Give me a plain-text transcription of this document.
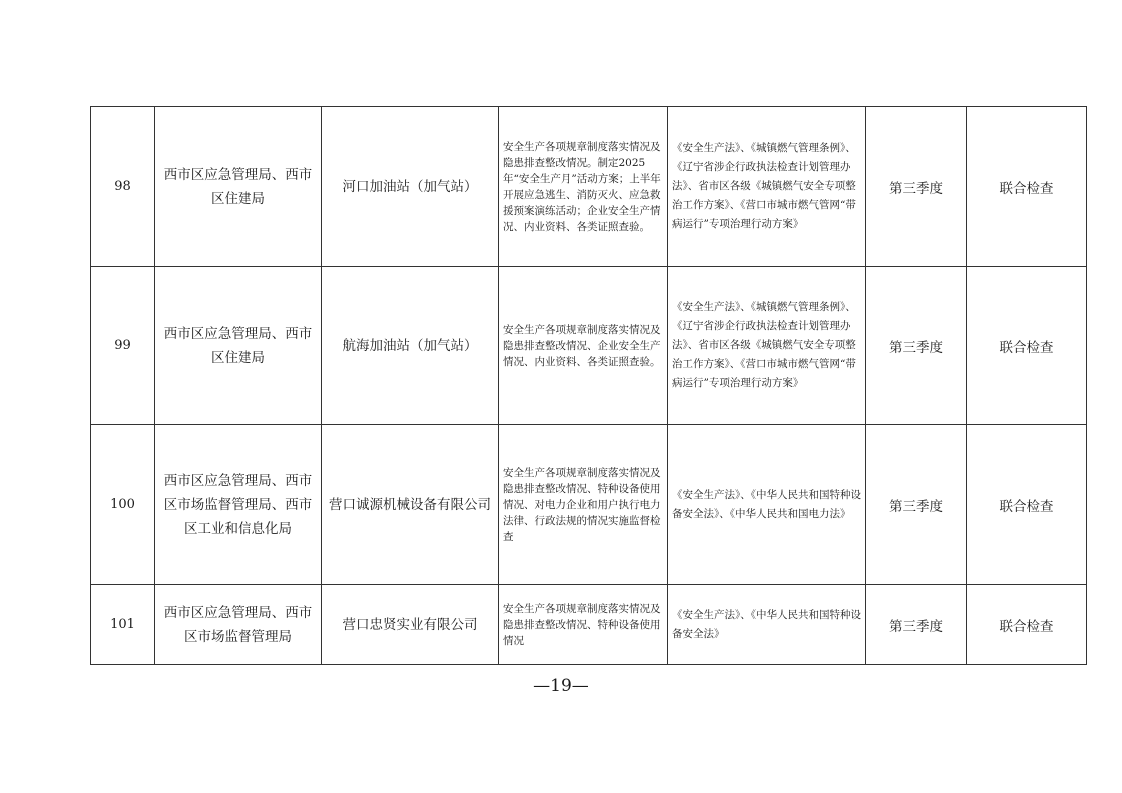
98	西市区应急管理局、西市区住建局	河口加油站（加气站）	安全生产各项规章制度落实情况及隐患排查整改情况。制定2025年“安全生产月”活动方案；上半年开展应急逃生、消防灭火、应急救援预案演练活动；企业安全生产情况、内业资料、各类证照查验。	《安全生产法》、《城镇燃气管理条例》、《辽宁省涉企行政执法检查计划管理办法》、省市区各级《城镇燃气安全专项整治工作方案》、《营口市城市燃气管网“带病运行”专项治理行动方案》	第三季度	联合检查
99	西市区应急管理局、西市区住建局	航海加油站（加气站）	安全生产各项规章制度落实情况及隐患排查整改情况、企业安全生产情况、内业资料、各类证照查验。	《安全生产法》、《城镇燃气管理条例》、《辽宁省涉企行政执法检查计划管理办法》、省市区各级《城镇燃气安全专项整治工作方案》、《营口市城市燃气管网“带病运行”专项治理行动方案》	第三季度	联合检查
100	西市区应急管理局、西市区市场监督管理局、西市区工业和信息化局	营口诚源机械设备有限公司	安全生产各项规章制度落实情况及隐患排查整改情况、特种设备使用情况、对电力企业和用户执行电力法律、行政法规的情况实施监督检查	《安全生产法》、《中华人民共和国特种设备安全法》、《中华人民共和国电力法》	第三季度	联合检查
101	西市区应急管理局、西市区市场监督管理局	营口忠贤实业有限公司	安全生产各项规章制度落实情况及隐患排查整改情况、特种设备使用情况	《安全生产法》、《中华人民共和国特种设备安全法》	第三季度	联合检查
—19—
